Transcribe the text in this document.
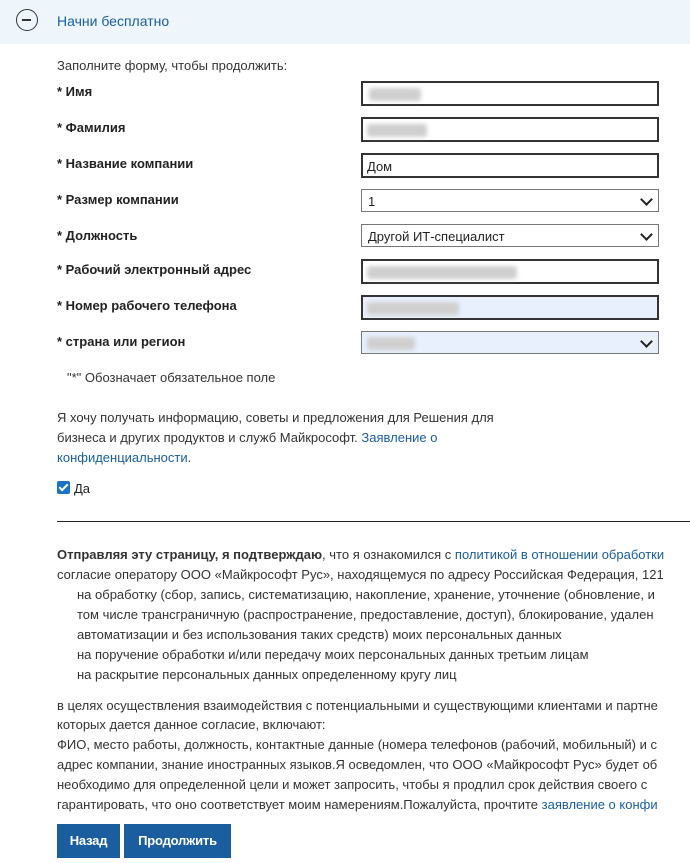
Начни бесплатно
Заполните форму, чтобы продолжить:
* Имя
* Фамилия
* Название компании	Дом
* Размер компании	1
* Должность	Другой ИТ-специалист
* Рабочий электронный адрес
* Номер рабочего телефона
* страна или регион
"*" Обозначает обязательное поле
Я хочу получать информацию, советы и предложения для Решения для бизнеса и других продуктов и служб Майкрософт. Заявление о конфиденциальности.
Да
Отправляя эту страницу, я подтверждаю, что я ознакомился с политикой в отношении обработки
согласие оператору ООО «Майкрософт Рус», находящемуся по адресу Российская Федерация, 121
на обработку (сбор, запись, систематизацию, накопление, хранение, уточнение (обновление, и
том числе трансграничную (распространение, предоставление, доступ), блокирование, удален
автоматизации и без использования таких средств) моих персональных данных
на поручение обработки и/или передачу моих персональных данных третьим лицам
на раскрытие персональных данных определенному кругу лиц
в целях осуществления взаимодействия с потенциальными и существующими клиентами и партне
которых дается данное согласие, включают:
ФИО, место работы, должность, контактные данные (номера телефонов (рабочий, мобильный) и с
адрес компании, знание иностранных языков.Я осведомлен, что ООО «Майкрософт Рус» будет об
необходимо для определенной цели и может запросить, чтобы я продлил срок действия своего с
гарантировать, что оно соответствует моим намерениям.Пожалуйста, прочтите заявление о конфи
Назад	Продолжить
